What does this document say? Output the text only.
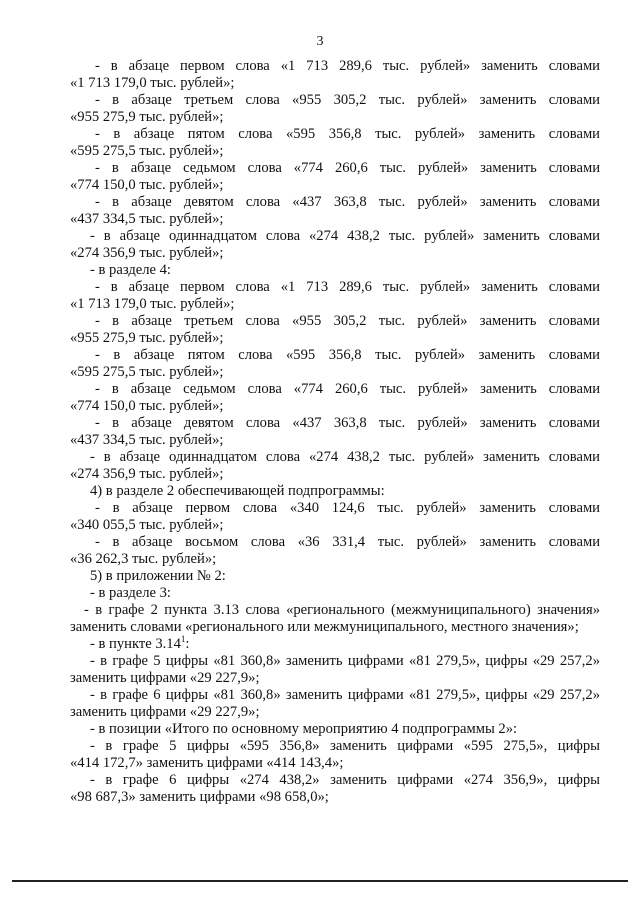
3
- в абзаце первом слова «1 713 289,6 тыс. рублей» заменить словами
«1 713 179,0 тыс. рублей»;
- в абзаце третьем слова «955 305,2 тыс. рублей» заменить словами
«955 275,9 тыс. рублей»;
- в абзаце пятом слова «595 356,8 тыс. рублей» заменить словами
«595 275,5 тыс. рублей»;
- в абзаце седьмом слова «774 260,6 тыс. рублей» заменить словами
«774 150,0 тыс. рублей»;
- в абзаце девятом слова «437 363,8 тыс. рублей» заменить словами
«437 334,5 тыс. рублей»;
- в абзаце одиннадцатом слова «274 438,2 тыс. рублей» заменить словами
«274 356,9 тыс. рублей»;
- в разделе 4:
- в абзаце первом слова «1 713 289,6 тыс. рублей» заменить словами
«1 713 179,0 тыс. рублей»;
- в абзаце третьем слова «955 305,2 тыс. рублей» заменить словами
«955 275,9 тыс. рублей»;
- в абзаце пятом слова «595 356,8 тыс. рублей» заменить словами
«595 275,5 тыс. рублей»;
- в абзаце седьмом слова «774 260,6 тыс. рублей» заменить словами
«774 150,0 тыс. рублей»;
- в абзаце девятом слова «437 363,8 тыс. рублей» заменить словами
«437 334,5 тыс. рублей»;
- в абзаце одиннадцатом слова «274 438,2 тыс. рублей» заменить словами
«274 356,9 тыс. рублей»;
4) в разделе 2 обеспечивающей подпрограммы:
- в абзаце первом слова «340 124,6 тыс. рублей» заменить словами
«340 055,5 тыс. рублей»;
- в абзаце восьмом слова «36 331,4 тыс. рублей» заменить словами
«36 262,3 тыс. рублей»;
5) в приложении № 2:
- в разделе 3:
- в графе 2 пункта 3.13 слова «регионального (межмуниципального) значения»
заменить словами «регионального или межмуниципального, местного значения»;
- в пункте 3.14$^1$:
- в графе 5 цифры «81 360,8» заменить цифрами «81 279,5», цифры «29 257,2»
заменить цифрами «29 227,9»;
- в графе 6 цифры «81 360,8» заменить цифрами «81 279,5», цифры «29 257,2»
заменить цифрами «29 227,9»;
- в позиции «Итого по основному мероприятию 4 подпрограммы 2»:
- в графе 5 цифры «595 356,8» заменить цифрами «595 275,5», цифры
«414 172,7» заменить цифрами «414 143,4»;
- в графе 6 цифры «274 438,2» заменить цифрами «274 356,9», цифры
«98 687,3» заменить цифрами «98 658,0»;
